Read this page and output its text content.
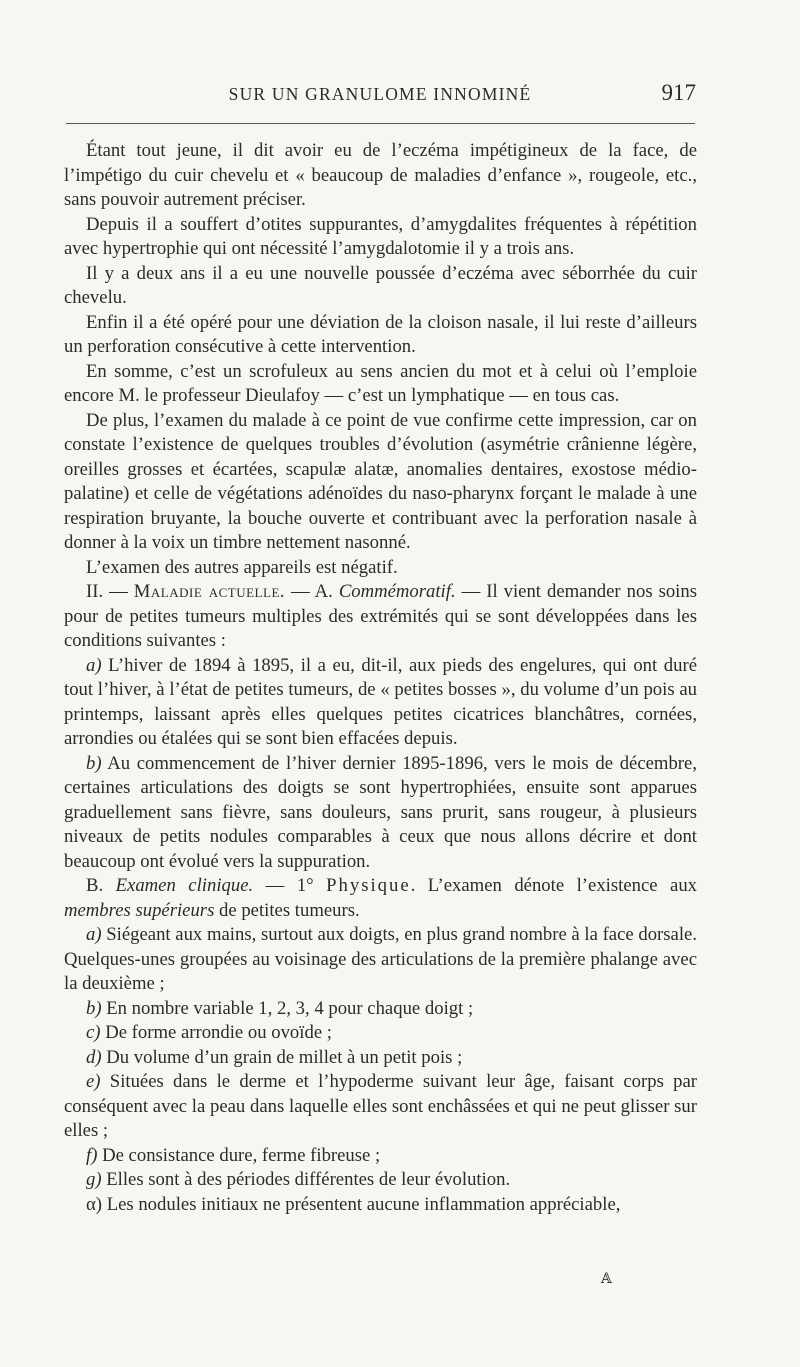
SUR UN GRANULOME INNOMINÉ	917

Étant tout jeune, il dit avoir eu de l’eczéma impétigineux de la face, de l’impétigo du cuir chevelu et « beaucoup de maladies d’enfance », rougeole, etc., sans pouvoir autrement préciser.

Depuis il a souffert d’otites suppurantes, d’amygdalites fréquentes à répétition avec hypertrophie qui ont nécessité l’amygdalotomie il y a trois ans.

Il y a deux ans il a eu une nouvelle poussée d’eczéma avec séborrhée du cuir chevelu.

Enfin il a été opéré pour une déviation de la cloison nasale, il lui reste d’ailleurs un perforation consécutive à cette intervention.

En somme, c’est un scrofuleux au sens ancien du mot et à celui où l’emploie encore M. le professeur Dieulafoy — c’est un lymphatique — en tous cas.

De plus, l’examen du malade à ce point de vue confirme cette impression, car on constate l’existence de quelques troubles d’évolution (asymétrie crânienne légère, oreilles grosses et écartées, scapulæ alatæ, anomalies dentaires, exostose médio-palatine) et celle de végétations adénoïdes du naso-pharynx forçant le malade à une respiration bruyante, la bouche ouverte et contribuant avec la perforation nasale à donner à la voix un timbre nettement nasonné.

L’examen des autres appareils est négatif.

II. — Maladie actuelle. — A. Commémoratif. — Il vient demander nos soins pour de petites tumeurs multiples des extrémités qui se sont développées dans les conditions suivantes :

a) L’hiver de 1894 à 1895, il a eu, dit-il, aux pieds des engelures, qui ont duré tout l’hiver, à l’état de petites tumeurs, de « petites bosses », du volume d’un pois au printemps, laissant après elles quelques petites cicatrices blanchâtres, cornées, arrondies ou étalées qui se sont bien effacées depuis.

b) Au commencement de l’hiver dernier 1895-1896, vers le mois de décembre, certaines articulations des doigts se sont hypertrophiées, ensuite sont apparues graduellement sans fièvre, sans douleurs, sans prurit, sans rougeur, à plusieurs niveaux de petits nodules comparables à ceux que nous allons décrire et dont beaucoup ont évolué vers la suppuration.

B. Examen clinique. — 1° Physique. L’examen dénote l’existence aux membres supérieurs de petites tumeurs.

a) Siégeant aux mains, surtout aux doigts, en plus grand nombre à la face dorsale. Quelques-unes groupées au voisinage des articulations de la première phalange avec la deuxième ;

b) En nombre variable 1, 2, 3, 4 pour chaque doigt ;

c) De forme arrondie ou ovoïde ;

d) Du volume d’un grain de millet à un petit pois ;

e) Situées dans le derme et l’hypoderme suivant leur âge, faisant corps par conséquent avec la peau dans laquelle elles sont enchâssées et qui ne peut glisser sur elles ;

f) De consistance dure, ferme fibreuse ;

g) Elles sont à des périodes différentes de leur évolution.

α) Les nodules initiaux ne présentent aucune inflammation appréciable,

𝔸
